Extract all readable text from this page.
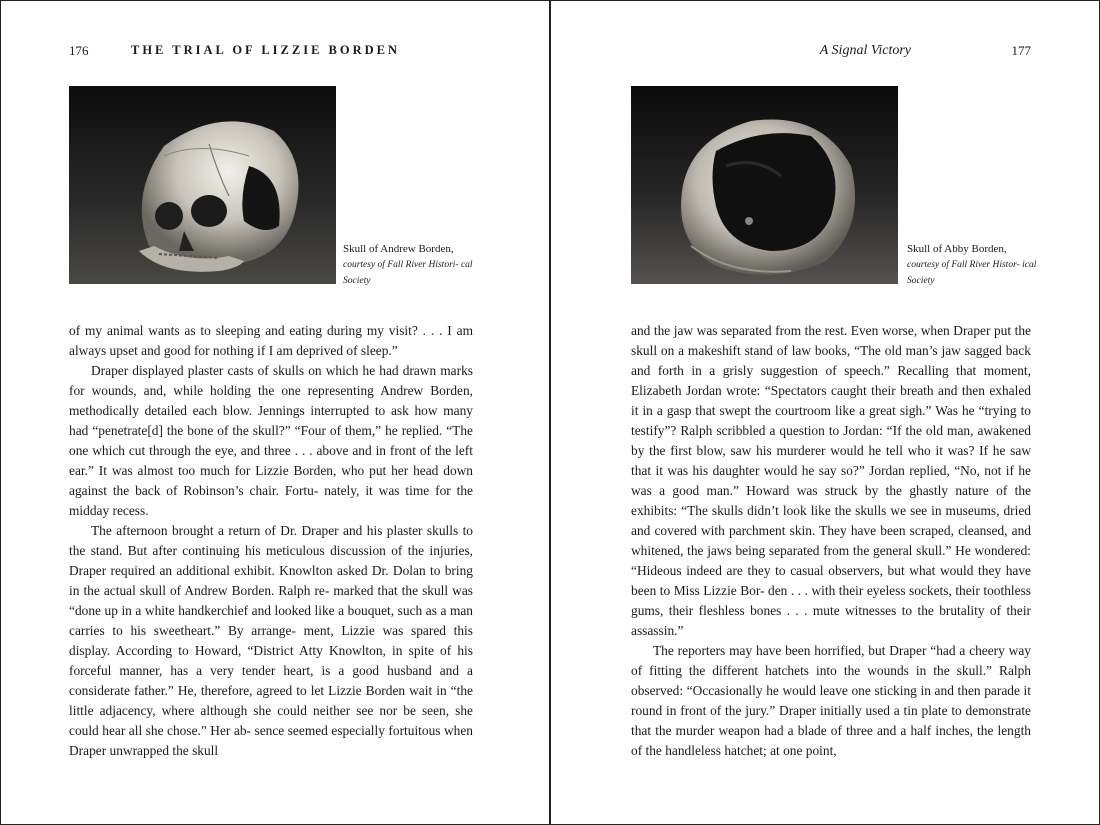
176	THE TRIAL OF LIZZIE BORDEN
Skull of Andrew Borden,
courtesy of Fall River Histori- cal Society

of my animal wants as to sleeping and eating during my visit? . . . I am always upset and good for nothing if I am deprived of sleep.”

Draper displayed plaster casts of skulls on which he had drawn marks for wounds, and, while holding the one representing Andrew Borden, methodically detailed each blow. Jennings interrupted to ask how many had “penetrate[d] the bone of the skull?” “Four of them,” he replied. “The one which cut through the eye, and three . . . above and in front of the left ear.” It was almost too much for Lizzie Borden, who put her head down against the back of Robinson’s chair. Fortu- nately, it was time for the midday recess.

The afternoon brought a return of Dr. Draper and his plaster skulls to the stand. But after continuing his meticulous discussion of the injuries, Draper required an additional exhibit. Knowlton asked Dr. Dolan to bring in the actual skull of Andrew Borden. Ralph re- marked that the skull was “done up in a white handkerchief and looked like a bouquet, such as a man carries to his sweetheart.” By arrange- ment, Lizzie was spared this display. According to Howard, “District Atty Knowlton, in spite of his forceful manner, has a very tender heart, is a good husband and a considerate father.” He, therefore, agreed to let Lizzie Borden wait in “the little adjacency, where although she could neither see nor be seen, she could hear all she chose.” Her ab- sence seemed especially fortuitous when Draper unwrapped the skull

A Signal Victory	177
Skull of Abby Borden,
courtesy of Fall River Histor- ical Society

and the jaw was separated from the rest. Even worse, when Draper put the skull on a makeshift stand of law books, “The old man’s jaw sagged back and forth in a grisly suggestion of speech.” Recalling that moment, Elizabeth Jordan wrote: “Spectators caught their breath and then exhaled it in a gasp that swept the courtroom like a great sigh.” Was he “trying to testify”? Ralph scribbled a question to Jordan: “If the old man, awakened by the first blow, saw his murderer would he tell who it was? If he saw that it was his daughter would he say so?” Jordan replied, “No, not if he was a good man.” Howard was struck by the ghastly nature of the exhibits: “The skulls didn’t look like the skulls we see in museums, dried and covered with parchment skin. They have been scraped, cleansed, and whitened, the jaws being separated from the general skull.” He wondered: “Hideous indeed are they to casual observers, but what would they have been to Miss Lizzie Bor- den . . . with their eyeless sockets, their toothless gums, their fleshless bones . . . mute witnesses to the brutality of their assassin.”

The reporters may have been horrified, but Draper “had a cheery way of fitting the different hatchets into the wounds in the skull.” Ralph observed: “Occasionally he would leave one sticking in and then parade it round in front of the jury.” Draper initially used a tin plate to demonstrate that the murder weapon had a blade of three and a half inches, the length of the handleless hatchet; at one point,
